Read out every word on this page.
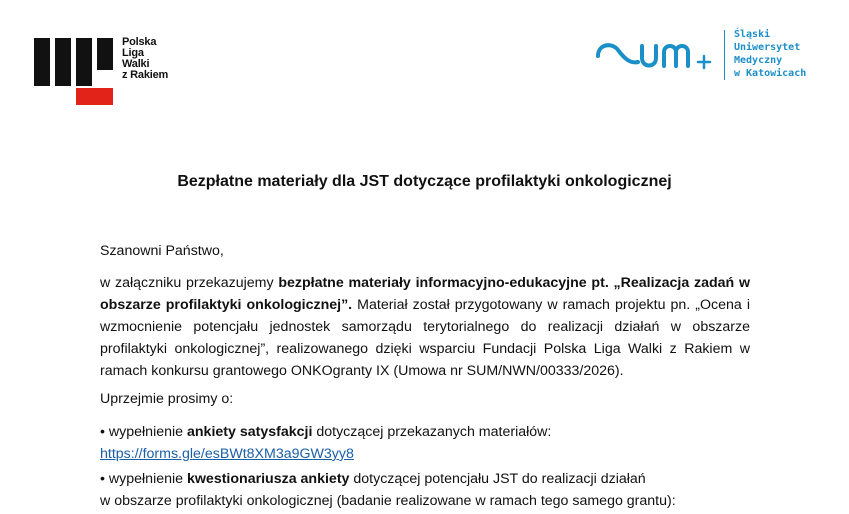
Polska
Liga
Walki
z Rakiem
Śląski
Uniwersytet
Medyczny
w Katowicach
Bezpłatne materiały dla JST dotyczące profilaktyki onkologicznej
Szanowni Państwo,
w załączniku przekazujemy bezpłatne materiały informacyjno-edukacyjne pt. „Realizacja zadań w obszarze profilaktyki onkologicznej”. Materiał został przygotowany w ramach projektu pn. „Ocena i wzmocnienie potencjału jednostek samorządu terytorialnego do realizacji działań w obszarze profilaktyki onkologicznej”, realizowanego dzięki wsparciu Fundacji Polska Liga Walki z Rakiem w ramach konkursu grantowego ONKOgranty IX (Umowa nr SUM/NWN/00333/2026).
Uprzejmie prosimy o:
• wypełnienie ankiety satysfakcji dotyczącej przekazanych materiałów:
https://forms.gle/esBWt8XM3a9GW3yy8
• wypełnienie kwestionariusza ankiety dotyczącej potencjału JST do realizacji działań
w obszarze profilaktyki onkologicznej (badanie realizowane w ramach tego samego grantu):
